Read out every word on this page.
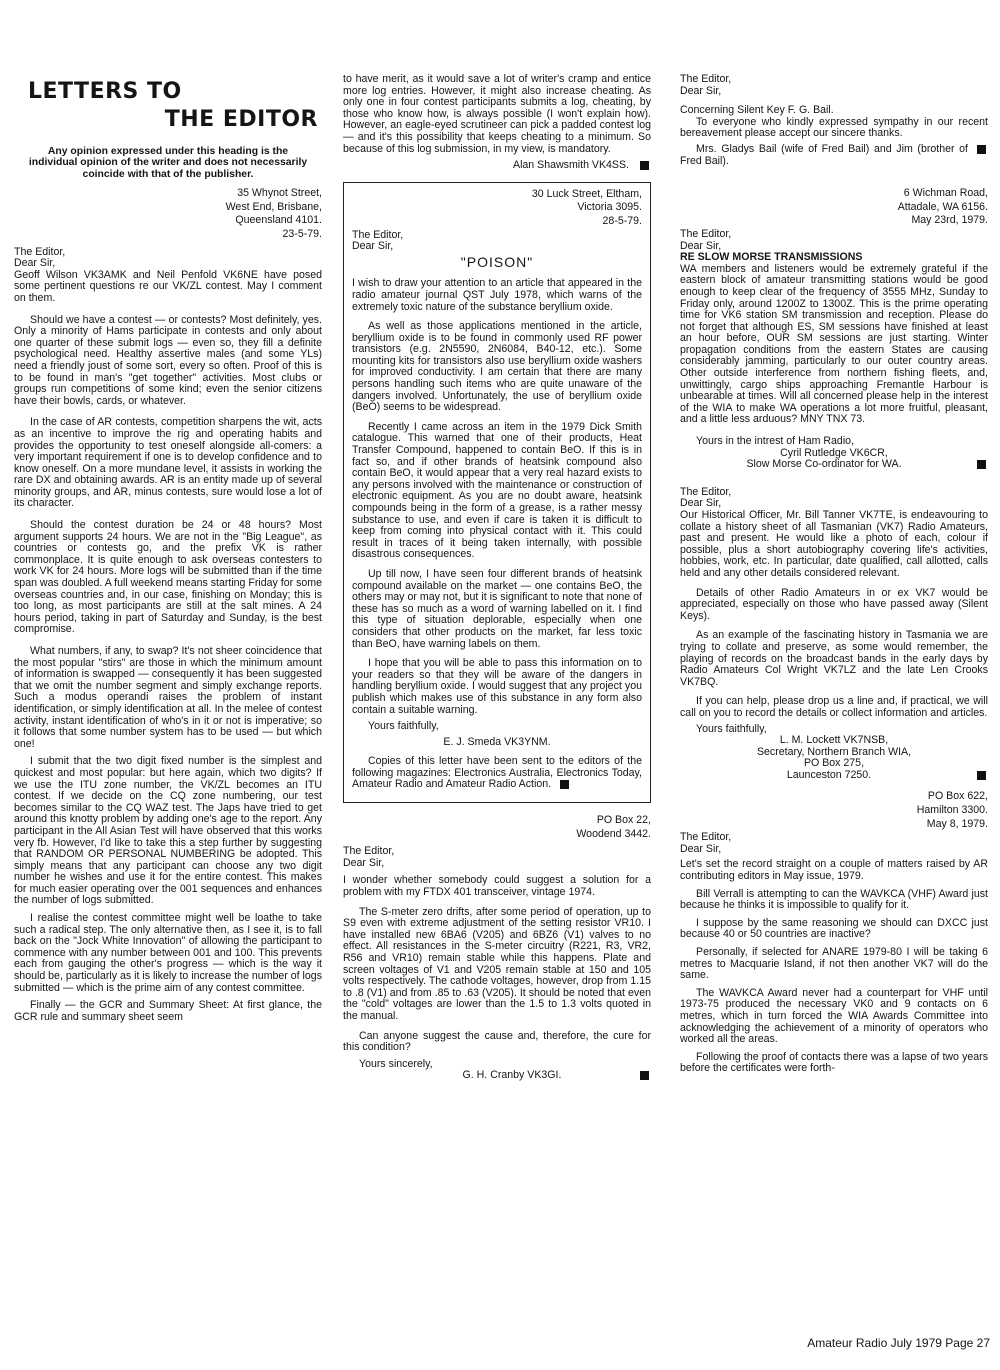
LETTERS TO
THE EDITOR

Any opinion expressed under this heading is the individual opinion of the writer and does not necessarily coincide with that of the publisher.

35 Whynot Street,

West End, Brisbane,

Queensland 4101.

23-5-79.

The Editor,

Dear Sir,

Geoff Wilson VK3AMK and Neil Penfold VK6NE have posed some pertinent questions re our VK/ZL contest. May I comment on them.

Should we have a contest — or contests? Most definitely, yes. Only a minority of Hams participate in contests and only about one quarter of these submit logs — even so, they fill a definite psychological need. Healthy assertive males (and some YLs) need a friendly joust of some sort, every so often. Proof of this is to be found in man's "get together" activities. Most clubs or groups run competitions of some kind; even the senior citizens have their bowls, cards, or whatever.

In the case of AR contests, competition sharpens the wit, acts as an incentive to improve the rig and operating habits and provides the opportunity to test oneself alongside all-comers: a very important requirement if one is to develop confidence and to know oneself. On a more mundane level, it assists in working the rare DX and obtaining awards. AR is an entity made up of several minority groups, and AR, minus contests, sure would lose a lot of its character.

Should the contest duration be 24 or 48 hours? Most argument supports 24 hours. We are not in the "Big League", as countries or contests go, and the prefix VK is rather commonplace. It is quite enough to ask overseas contesters to work VK for 24 hours. More logs will be submitted than if the time span was doubled. A full weekend means starting Friday for some overseas countries and, in our case, finishing on Monday; this is too long, as most participants are still at the salt mines. A 24 hours period, taking in part of Saturday and Sunday, is the best compromise.

What numbers, if any, to swap? It's not sheer coincidence that the most popular "stirs" are those in which the minimum amount of information is swapped — consequently it has been suggested that we omit the number segment and simply exchange reports. Such a modus operandi raises the problem of instant identification, or simply identification at all. In the melee of contest activity, instant identification of who's in it or not is imperative; so it follows that some number system has to be used — but which one!

I submit that the two digit fixed number is the simplest and quickest and most popular: but here again, which two digits? If we use the ITU zone number, the VK/ZL becomes an ITU contest. If we decide on the CQ zone numbering, our test becomes similar to the CQ WAZ test. The Japs have tried to get around this knotty problem by adding one's age to the report. Any participant in the All Asian Test will have observed that this works very fb. However, I'd like to take this a step further by suggesting that RANDOM OR PERSONAL NUMBERING be adopted. This simply means that any participant can choose any two digit number he wishes and use it for the entire contest. This makes for much easier operating over the 001 sequences and enhances the number of logs submitted.

I realise the contest committee might well be loathe to take such a radical step. The only alternative then, as I see it, is to fall back on the "Jock White Innovation" of allowing the participant to commence with any number between 001 and 100. This prevents each from gauging the other's progress — which is the way it should be, particularly as it is likely to increase the number of logs submitted — which is the prime aim of any contest committee.

Finally — the GCR and Summary Sheet: At first glance, the GCR rule and summary sheet seem

to have merit, as it would save a lot of writer's cramp and entice more log entries. However, it might also increase cheating. As only one in four contest participants submits a log, cheating, by those who know how, is always possible (I won't explain how). However, an eagle-eyed scrutineer can pick a padded contest log — and it's this possibility that keeps cheating to a minimum. So because of this log submission, in my view, is mandatory.

Alan Shawsmith VK4SS.

30 Luck Street, Eltham,

Victoria 3095.

28-5-79.

The Editor,

Dear Sir,

"POISON"

I wish to draw your attention to an article that appeared in the radio amateur journal QST July 1978, which warns of the extremely toxic nature of the substance beryllium oxide.

As well as those applications mentioned in the article, beryllium oxide is to be found in commonly used RF power transistors (e.g. 2N5590, 2N6084, B40-12, etc.). Some mounting kits for transistors also use beryllium oxide washers for improved conductivity. I am certain that there are many persons handling such items who are quite unaware of the dangers involved. Unfortunately, the use of beryllium oxide (BeO) seems to be widespread.

Recently I came across an item in the 1979 Dick Smith catalogue. This warned that one of their products, Heat Transfer Compound, happened to contain BeO. If this is in fact so, and if other brands of heatsink compound also contain BeO, it would appear that a very real hazard exists to any persons involved with the maintenance or construction of electronic equipment. As you are no doubt aware, heatsink compounds being in the form of a grease, is a rather messy substance to use, and even if care is taken it is difficult to keep from coming into physical contact with it. This could result in traces of it being taken internally, with possible disastrous consequences.

Up till now, I have seen four different brands of heatsink compound available on the market — one contains BeO, the others may or may not, but it is significant to note that none of these has so much as a word of warning labelled on it. I find this type of situation deplorable, especially when one considers that other products on the market, far less toxic than BeO, have warning labels on them.

I hope that you will be able to pass this information on to your readers so that they will be aware of the dangers in handling beryllium oxide. I would suggest that any project you publish which makes use of this substance in any form also contain a suitable warning.

Yours faithfully,

E. J. Smeda VK3YNM.

Copies of this letter have been sent to the editors of the following magazines: Electronics Australia, Electronics Today, Amateur Radio and Amateur Radio Action.

PO Box 22,

Woodend 3442.

The Editor,

Dear Sir,

I wonder whether somebody could suggest a solution for a problem with my FTDX 401 transceiver, vintage 1974.

The S-meter zero drifts, after some period of operation, up to S9 even with extreme adjustment of the setting resistor VR10. I have installed new 6BA6 (V205) and 6BZ6 (V1) valves to no effect. All resistances in the S-meter circuitry (R221, R3, VR2, R56 and VR10) remain stable while this happens. Plate and screen voltages of V1 and V205 remain stable at 150 and 105 volts respectively. The cathode voltages, however, drop from 1.15 to .8 (V1) and from .85 to .63 (V205). It should be noted that even the "cold" voltages are lower than the 1.5 to 1.3 volts quoted in the manual.

Can anyone suggest the cause and, therefore, the cure for this condition?

Yours sincerely,

G. H. Cranby VK3GI.

The Editor,

Dear Sir,

Concerning Silent Key F. G. Bail.

To everyone who kindly expressed sympathy in our recent bereavement please accept our sincere thanks.

Mrs. Gladys Bail (wife of Fred Bail) and Jim (brother of Fred Bail).

6 Wichman Road,

Attadale, WA 6156.

May 23rd, 1979.

The Editor,

Dear Sir,

RE SLOW MORSE TRANSMISSIONS

WA members and listeners would be extremely grateful if the eastern block of amateur transmitting stations would be good enough to keep clear of the frequency of 3555 MHz, Sunday to Friday only, around 1200Z to 1300Z. This is the prime operating time for VK6 station SM transmission and reception. Please do not forget that although ES, SM sessions have finished at least an hour before, OUR SM sessions are just starting. Winter propagation conditions from the eastern States are causing considerably jamming, particularly to our outer country areas. Other outside interference from northern fishing fleets, and, unwittingly, cargo ships approaching Fremantle Harbour is unbearable at times. Will all concerned please help in the interest of the WIA to make WA operations a lot more fruitful, pleasant, and a little less arduous? MNY TNX 73.

Yours in the intrest of Ham Radio,

Cyril Rutledge VK6CR,

Slow Morse Co-ordinator for WA.

The Editor,

Dear Sir,

Our Historical Officer, Mr. Bill Tanner VK7TE, is endeavouring to collate a history sheet of all Tasmanian (VK7) Radio Amateurs, past and present. He would like a photo of each, colour if possible, plus a short autobiography covering life's activities, hobbies, work, etc. In particular, date qualified, call allotted, calls held and any other details considered relevant.

Details of other Radio Amateurs in or ex VK7 would be appreciated, especially on those who have passed away (Silent Keys).

As an example of the fascinating history in Tasmania we are trying to collate and preserve, as some would remember, the playing of records on the broadcast bands in the early days by Radio Amateurs Col Wright VK7LZ and the late Len Crooks VK7BQ.

If you can help, please drop us a line and, if practical, we will call on you to record the details or collect information and articles.

Yours faithfully,

L. M. Lockett VK7NSB,

Secretary, Northern Branch WIA,

PO Box 275,

Launceston 7250.

PO Box 622,

Hamilton 3300.

May 8, 1979.

The Editor,

Dear Sir,

Let's set the record straight on a couple of matters raised by AR contributing editors in May issue, 1979.

Bill Verrall is attempting to can the WAVKCA (VHF) Award just because he thinks it is impossible to qualify for it.

I suppose by the same reasoning we should can DXCC just because 40 or 50 countries are inactive?

Personally, if selected for ANARE 1979-80 I will be taking 6 metres to Macquarie Island, if not then another VK7 will do the same.

The WAVKCA Award never had a counterpart for VHF until 1973-75 produced the necessary VK0 and 9 contacts on 6 metres, which in turn forced the WIA Awards Committee into acknowledging the achievement of a minority of operators who worked all the areas.

Following the proof of contacts there was a lapse of two years before the certificates were forth-

Amateur Radio July 1979 Page 27
